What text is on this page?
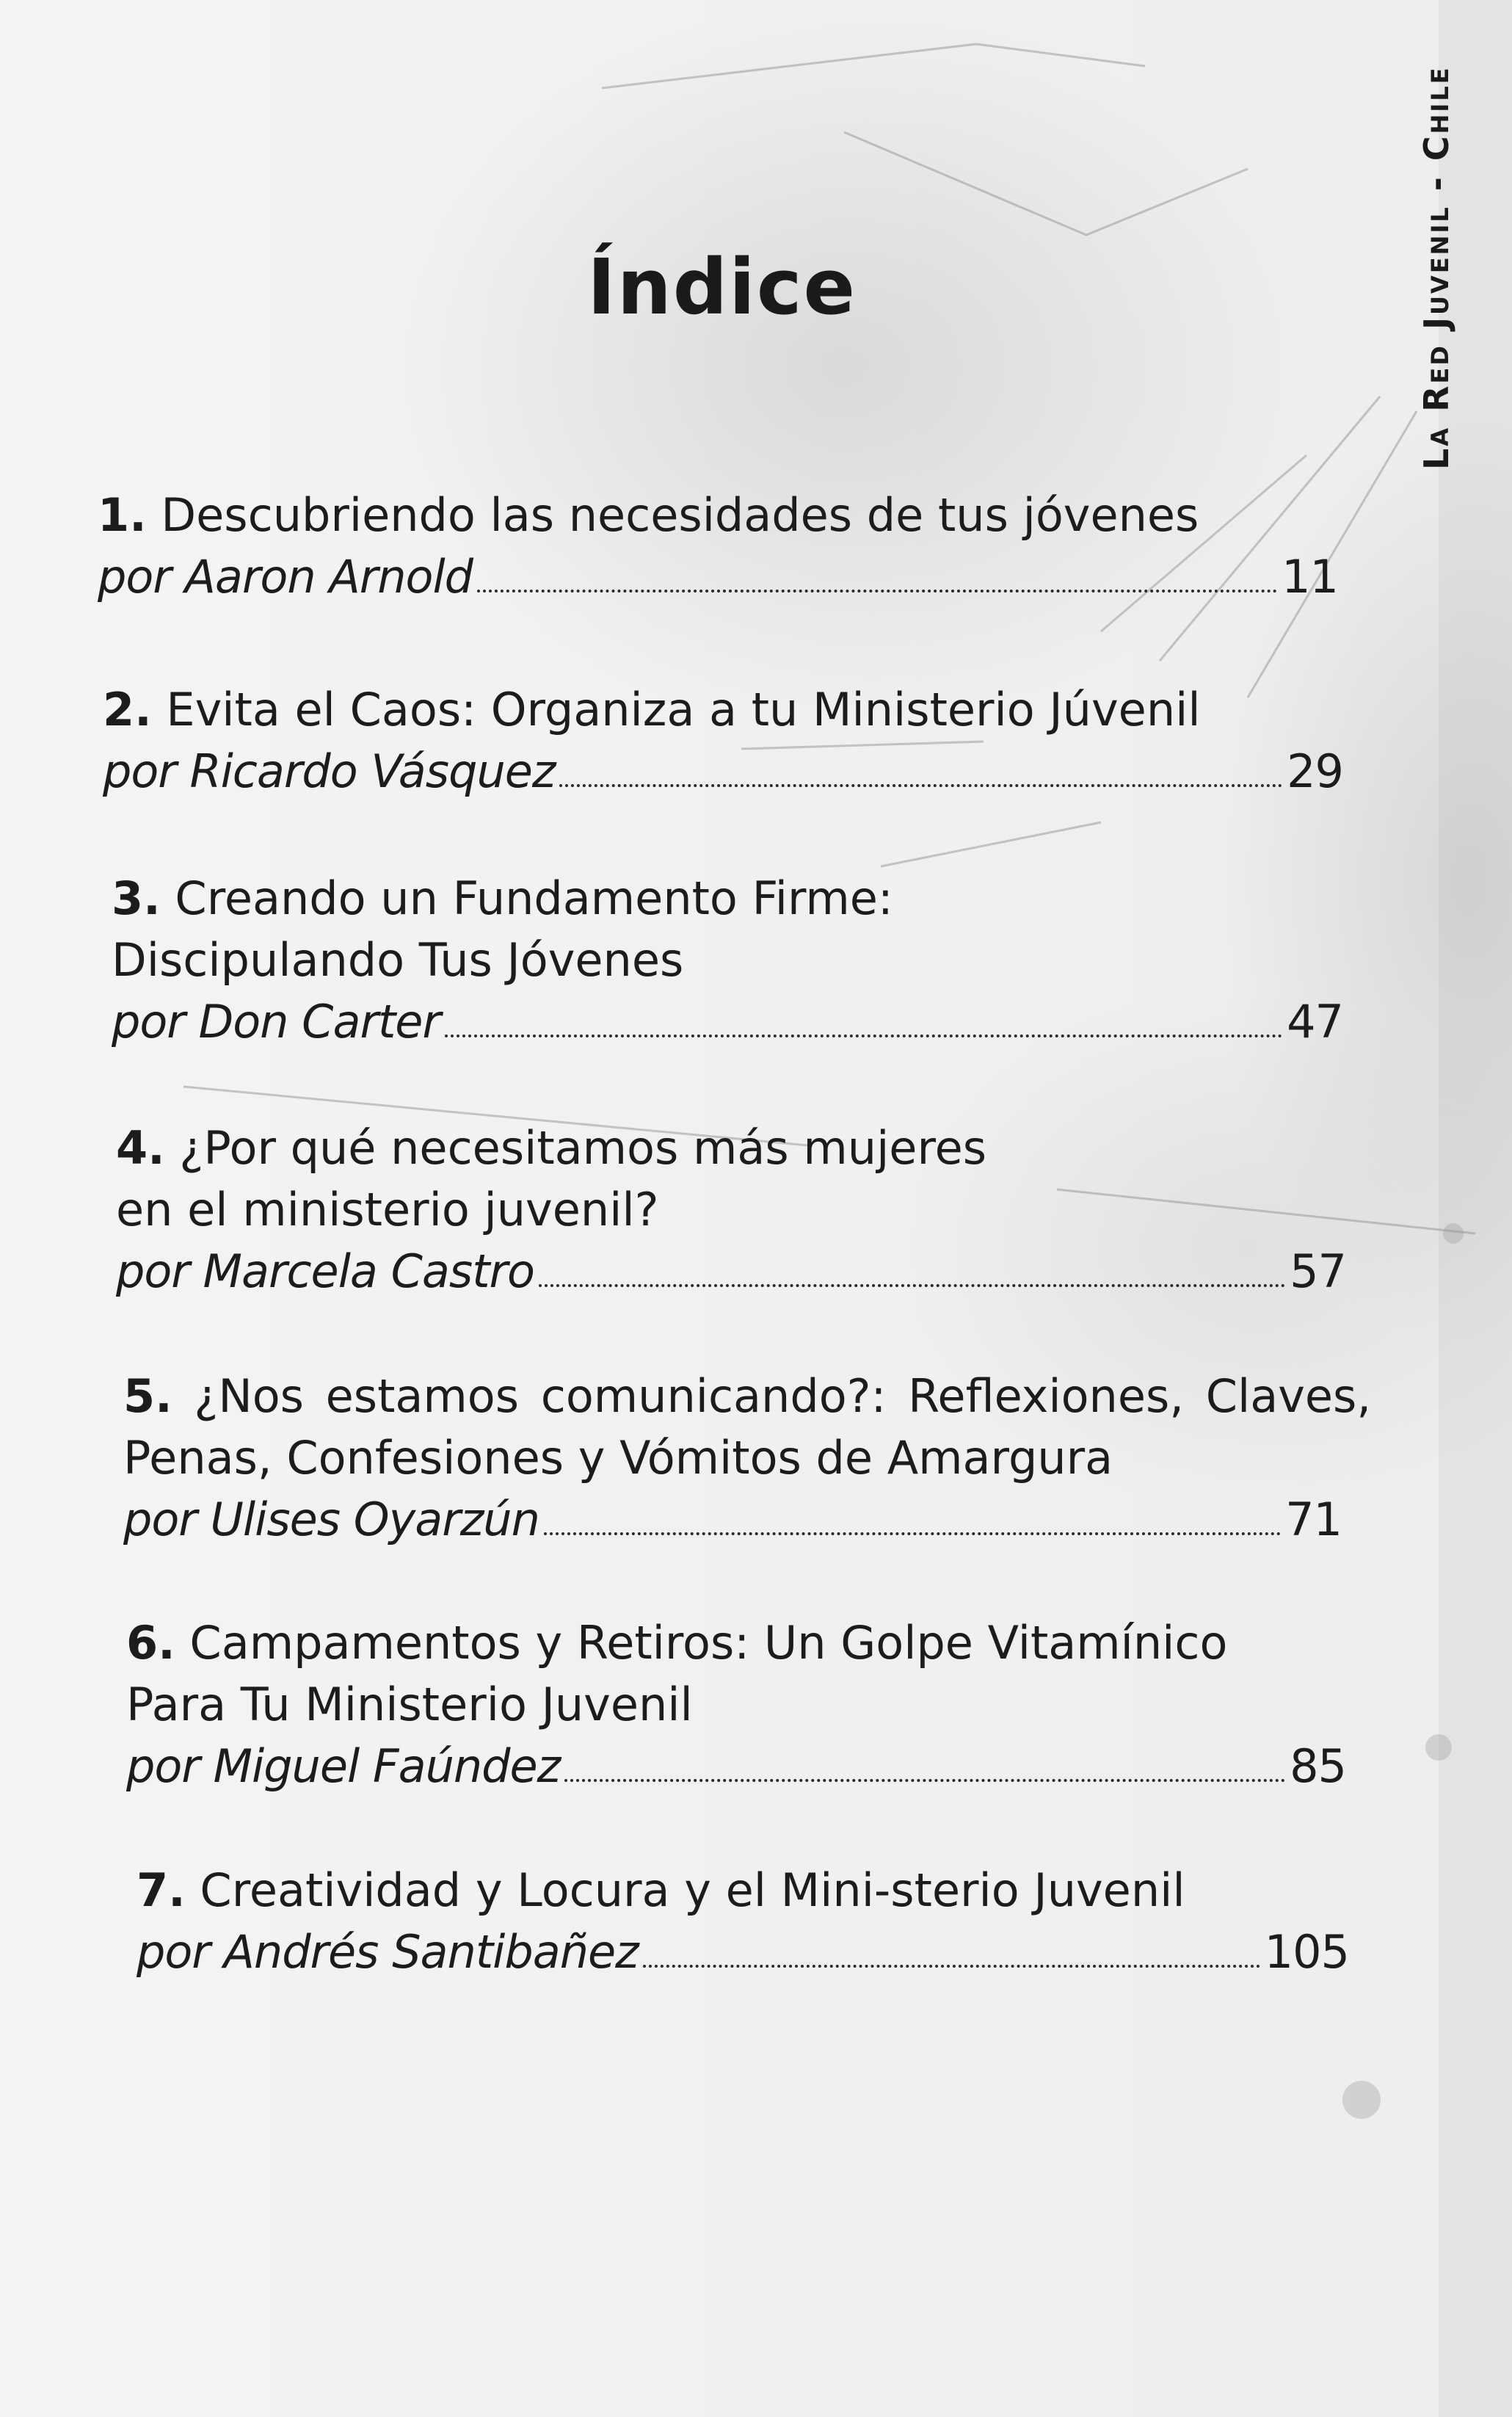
Índice	La Red Juvenil - Chile
1. Descubriendo las necesidades de tus jóvenes
por Aaron Arnold	11
2. Evita el Caos: Organiza a tu Ministerio Júvenil
por Ricardo Vásquez	29
3. Creando un Fundamento Firme:
Discipulando Tus Jóvenes
por Don Carter	47
4. ¿Por qué necesitamos más mujeres
en el ministerio juvenil?
por Marcela Castro	57
5. ¿Nos estamos comunicando?: Reflexiones, Claves,
Penas, Confesiones y Vómitos de Amargura
por Ulises Oyarzún	71
6. Campamentos y Retiros: Un Golpe Vitamínico
Para Tu Ministerio Juvenil
por Miguel Faúndez	85
7. Creatividad y Locura y el Mini-sterio Juvenil
por Andrés Santibañez	105
